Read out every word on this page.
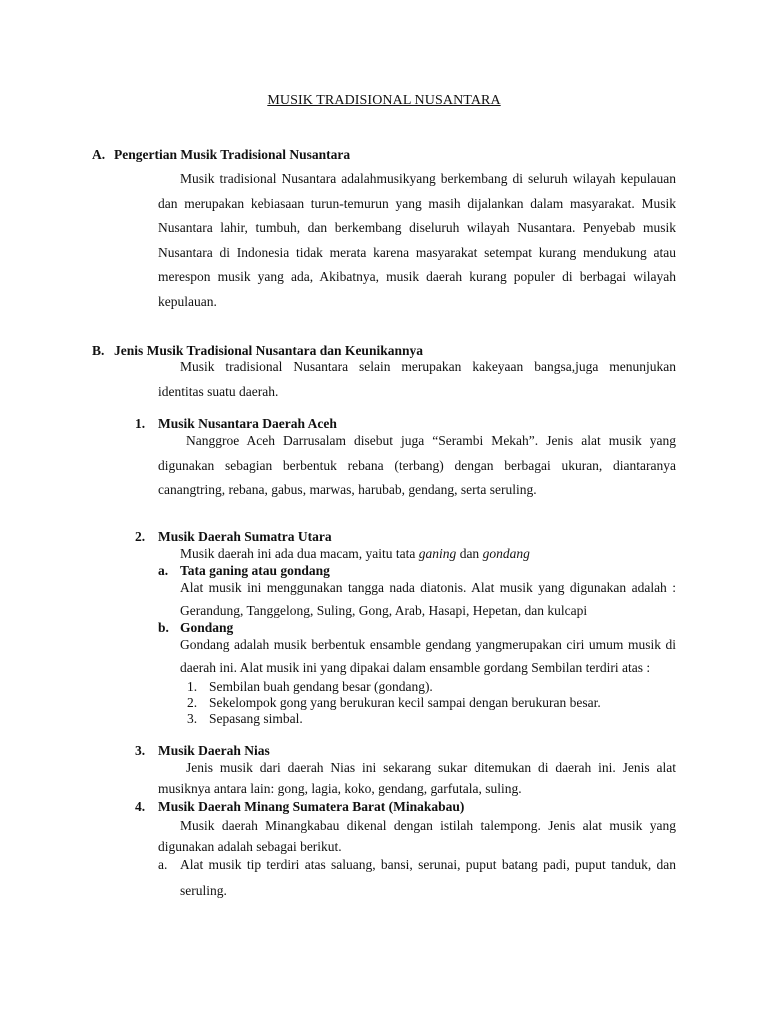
MUSIK TRADISIONAL NUSANTARA
A. Pengertian Musik Tradisional Nusantara
Musik tradisional Nusantara adalahmusikyang berkembang di seluruh wilayah kepulauan
dan merupakan kebiasaan turun-temurun yang masih dijalankan dalam masyarakat. Musik
Nusantara lahir, tumbuh, dan berkembang diseluruh wilayah Nusantara. Penyebab musik
Nusantara di Indonesia tidak merata karena masyarakat setempat kurang mendukung atau
merespon musik yang ada, Akibatnya, musik daerah kurang populer di berbagai wilayah
kepulauan.
B. Jenis Musik Tradisional Nusantara dan Keunikannya
Musik tradisional Nusantara selain merupakan kakeyaan bangsa,juga menunjukan
identitas suatu daerah.
1. Musik Nusantara Daerah Aceh
Nanggroe Aceh Darrusalam disebut juga “Serambi Mekah”. Jenis alat musik yang
digunakan sebagian berbentuk rebana (terbang) dengan berbagai ukuran, diantaranya
canangtring, rebana, gabus, marwas, harubab, gendang, serta seruling.
2. Musik Daerah Sumatra Utara
Musik daerah ini ada dua macam, yaitu tata ganing dan gondang
a. Tata ganing atau gondang
Alat musik ini menggunakan tangga nada diatonis. Alat musik yang digunakan adalah :
Gerandung, Tanggelong, Suling, Gong, Arab, Hasapi, Hepetan, dan kulcapi
b. Gondang
Gondang adalah musik berbentuk ensamble gendang yangmerupakan ciri umum musik di
daerah ini. Alat musik ini yang dipakai dalam ensamble gordang Sembilan terdiri atas :
1. Sembilan buah gendang besar (gondang).
2. Sekelompok gong yang berukuran kecil sampai dengan berukuran besar.
3. Sepasang simbal.
3. Musik Daerah Nias
Jenis musik dari daerah Nias ini sekarang sukar ditemukan di daerah ini. Jenis alat
musiknya antara lain: gong, lagia, koko, gendang, garfutala, suling.
4. Musik Daerah Minang Sumatera Barat (Minakabau)
Musik daerah Minangkabau dikenal dengan istilah talempong. Jenis alat musik yang
digunakan adalah sebagai berikut.
a. Alat musik tip terdiri atas saluang, bansi, serunai, puput batang padi, puput tanduk, dan
seruling.
